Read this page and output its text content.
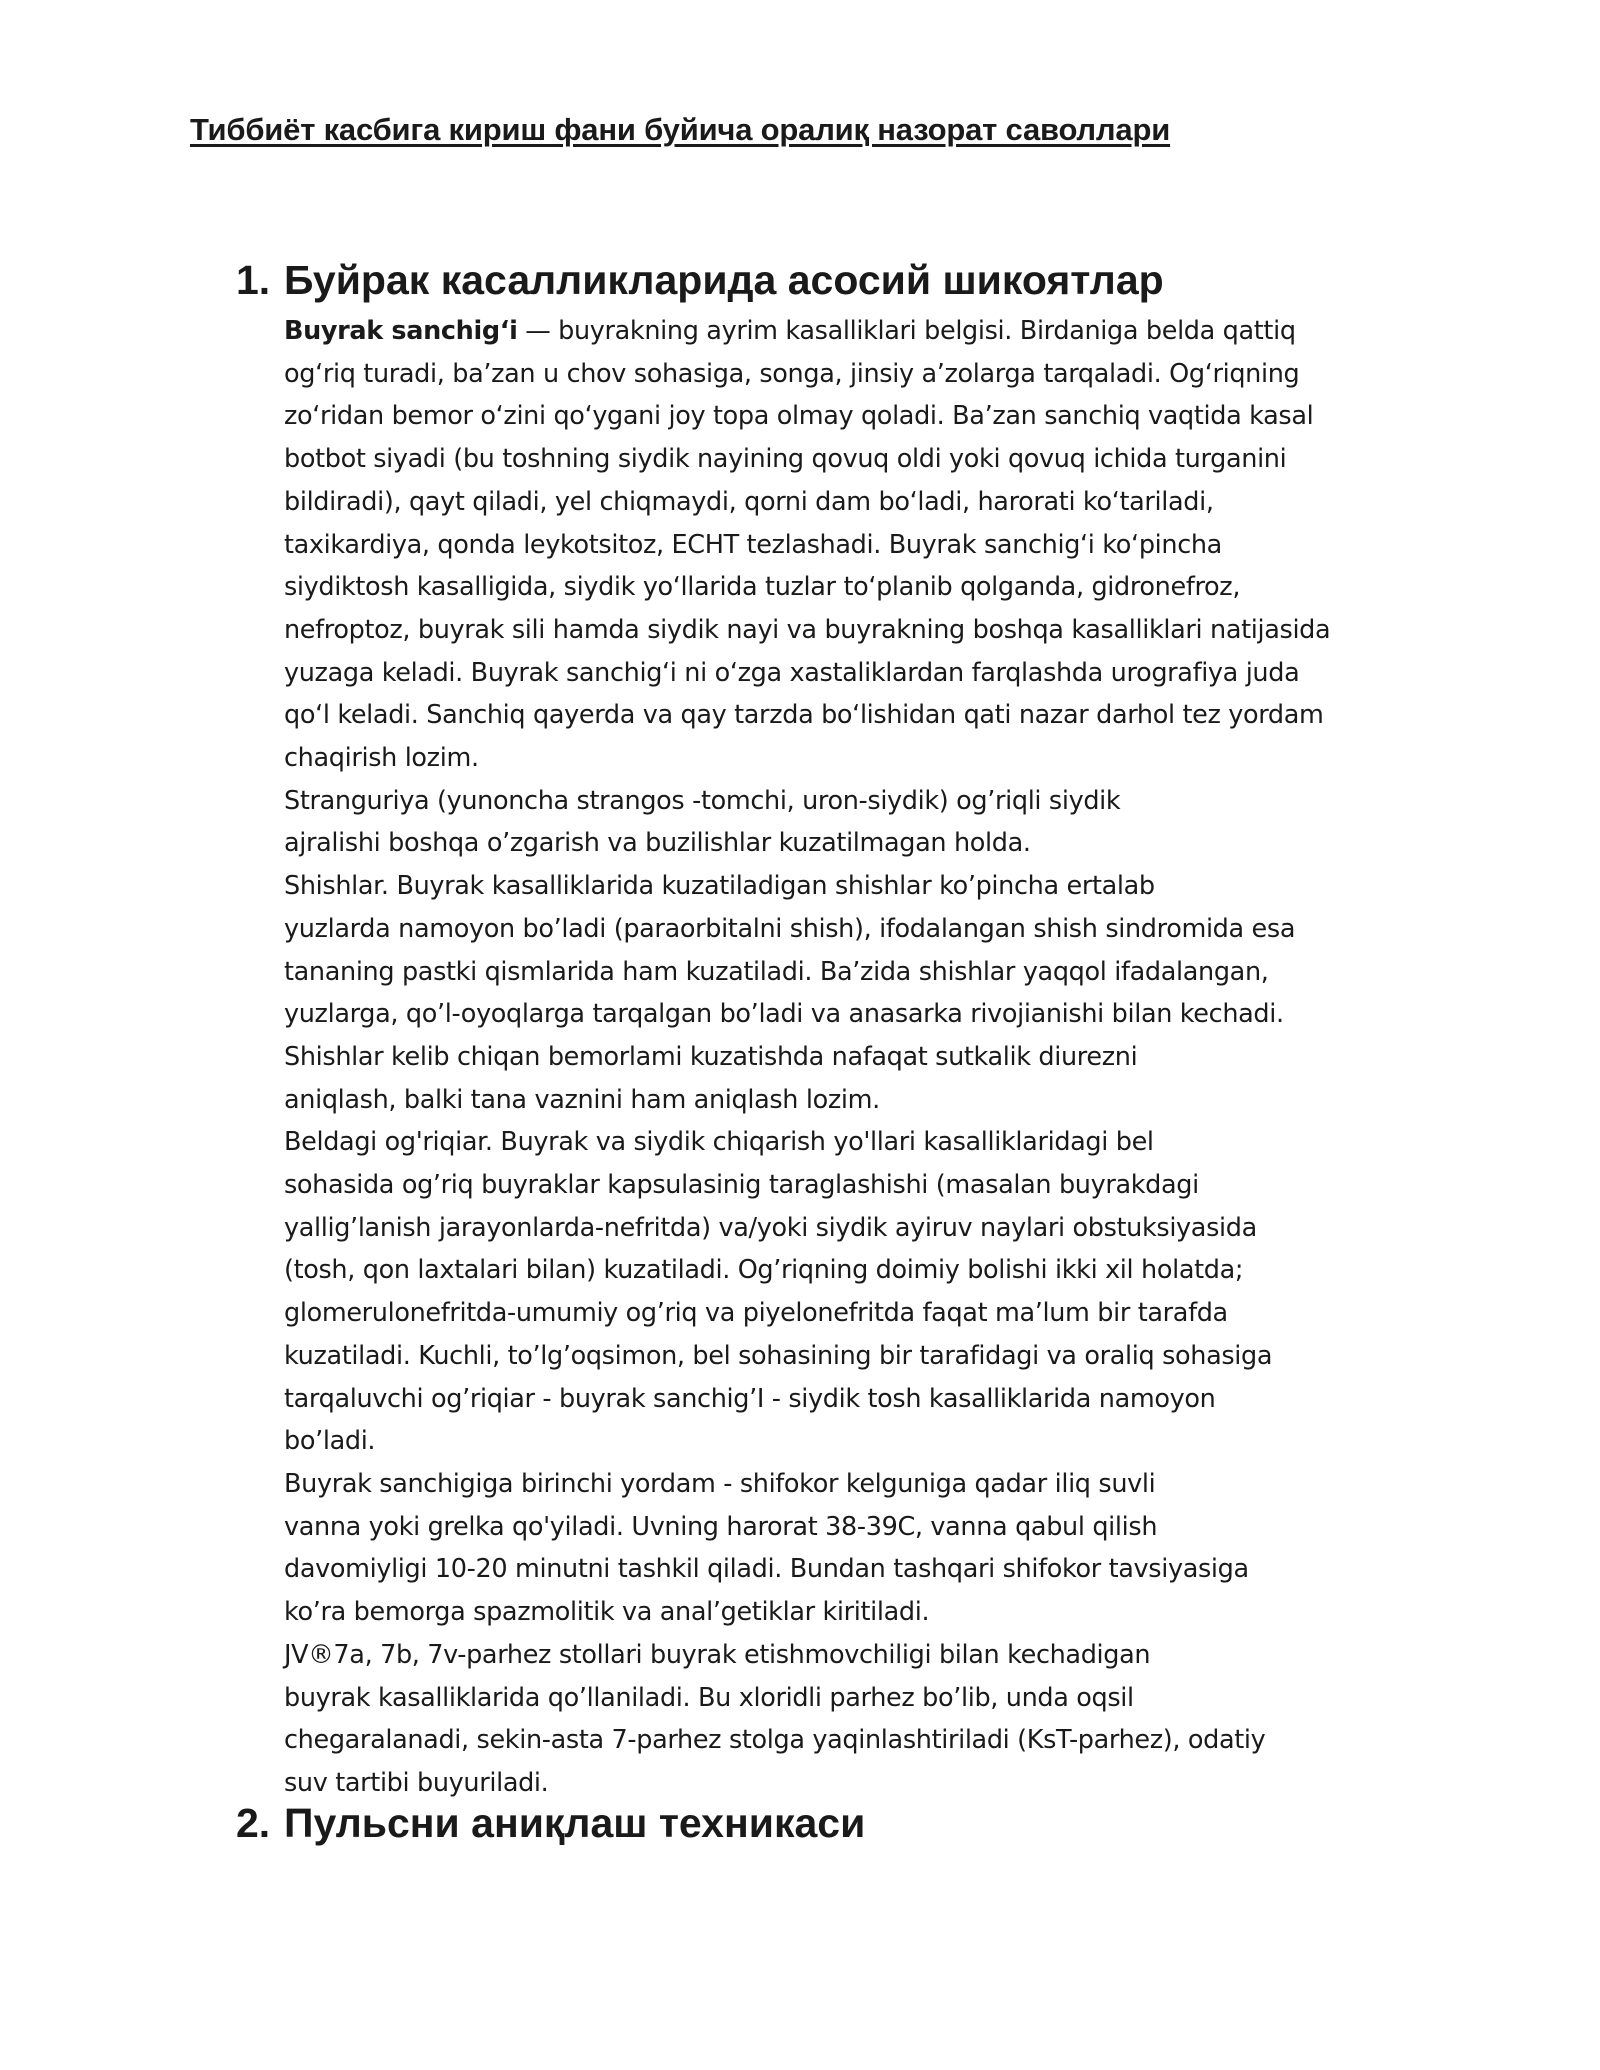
Тиббиёт касбига кириш фани буйича оралиқ назорат саволлари
1. Буйрак касалликларида асосий шикоятлар
Buyrak sanchig‘i — buyrakning ayrim kasalliklari belgisi. Birdaniga belda qattiq
og‘riq turadi, ba’zan u chov sohasiga, songa, jinsiy a’zolarga tarqaladi. Og‘riqning
zo‘ridan bemor o‘zini qo‘ygani joy topa olmay qoladi. Ba’zan sanchiq vaqtida kasal
botbot siyadi (bu toshning siydik nayining qovuq oldi yoki qovuq ichida turganini
bildiradi), qayt qiladi, yel chiqmaydi, qorni dam bo‘ladi, harorati ko‘tariladi,
taxikardiya, qonda leykotsitoz, ECHT tezlashadi. Buyrak sanchig‘i ko‘pincha
siydiktosh kasalligida, siydik yo‘llarida tuzlar to‘planib qolganda, gidronefroz,
nefroptoz, buyrak sili hamda siydik nayi va buyrakning boshqa kasalliklari natijasida
yuzaga keladi. Buyrak sanchig‘i ni o‘zga xastaliklardan farqlashda urografiya juda
qo‘l keladi. Sanchiq qayerda va qay tarzda bo‘lishidan qati nazar darhol tez yordam
chaqirish lozim.
Stranguriya (yunoncha strangos -tomchi, uron-siydik) og’riqli siydik
ajralishi boshqa o’zgarish va buzilishlar kuzatilmagan holda.
Shishlar. Buyrak kasalliklarida kuzatiladigan shishlar ko’pincha ertalab
yuzlarda namoyon bo’ladi (paraorbitalni shish), ifodalangan shish sindromida esa
tananing pastki qismlarida ham kuzatiladi. Ba’zida shishlar yaqqol ifadalangan,
yuzlarga, qo’l-oyoqlarga tarqalgan bo’ladi va anasarka rivojianishi bilan kechadi.
Shishlar kelib chiqan bemorlami kuzatishda nafaqat sutkalik diurezni
aniqlash, balki tana vaznini ham aniqlash lozim.
Beldagi og'riqiar. Buyrak va siydik chiqarish yo'llari kasalliklaridagi bel
sohasida og’riq buyraklar kapsulasinig taraglashishi (masalan buyrakdagi
yallig’lanish jarayonlarda-nefritda) va/yoki siydik ayiruv naylari obstuksiyasida
(tosh, qon laxtalari bilan) kuzatiladi. Og’riqning doimiy bolishi ikki xil holatda;
glomerulonefritda-umumiy og’riq va piyelonefritda faqat ma’lum bir tarafda
kuzatiladi. Kuchli, to’lg’oqsimon, bel sohasining bir tarafidagi va oraliq sohasiga
tarqaluvchi og’riqiar - buyrak sanchig’I - siydik tosh kasalliklarida namoyon
bo’ladi.
Buyrak sanchigiga birinchi yordam - shifokor kelguniga qadar iliq suvli
vanna yoki grelka qo'yiladi. Uvning harorat 38-39C, vanna qabul qilish
davomiyligi 10-20 minutni tashkil qiladi. Bundan tashqari shifokor tavsiyasiga
ko’ra bemorga spazmolitik va anal’getiklar kiritiladi.
JV®7a, 7b, 7v-parhez stollari buyrak etishmovchiligi bilan kechadigan
buyrak kasalliklarida qo’llaniladi. Bu xloridli parhez bo’lib, unda oqsil
chegaralanadi, sekin-asta 7-parhez stolga yaqinlashtiriladi (KsT-parhez), odatiy
suv tartibi buyuriladi.
2. Пульсни аниқлаш техникаси
